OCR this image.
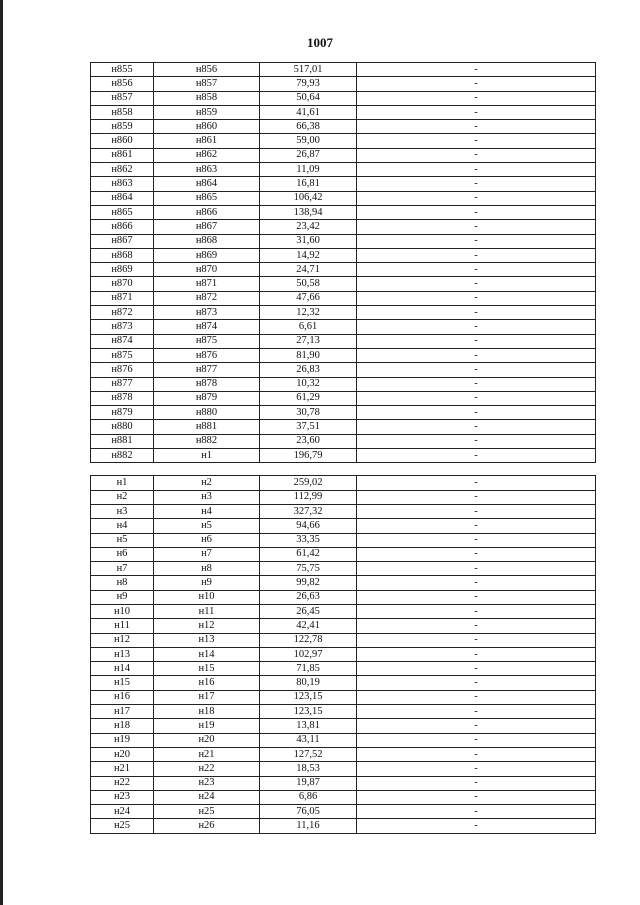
1007
н855	н856	517,01	-
н856	н857	79,93	-
н857	н858	50,64	-
н858	н859	41,61	-
н859	н860	66,38	-
н860	н861	59,00	-
н861	н862	26,87	-
н862	н863	11,09	-
н863	н864	16,81	-
н864	н865	106,42	-
н865	н866	138,94	-
н866	н867	23,42	-
н867	н868	31,60	-
н868	н869	14,92	-
н869	н870	24,71	-
н870	н871	50,58	-
н871	н872	47,66	-
н872	н873	12,32	-
н873	н874	6,61	-
н874	н875	27,13	-
н875	н876	81,90	-
н876	н877	26,83	-
н877	н878	10,32	-
н878	н879	61,29	-
н879	н880	30,78	-
н880	н881	37,51	-
н881	н882	23,60	-
н882	н1	196,79	-

н1	н2	259,02	-
н2	н3	112,99	-
н3	н4	327,32	-
н4	н5	94,66	-
н5	н6	33,35	-
н6	н7	61,42	-
н7	н8	75,75	-
н8	н9	99,82	-
н9	н10	26,63	-
н10	н11	26,45	-
н11	н12	42,41	-
н12	н13	122,78	-
н13	н14	102,97	-
н14	н15	71,85	-
н15	н16	80,19	-
н16	н17	123,15	-
н17	н18	123,15	-
н18	н19	13,81	-
н19	н20	43,11	-
н20	н21	127,52	-
н21	н22	18,53	-
н22	н23	19,87	-
н23	н24	6,86	-
н24	н25	76,05	-
н25	н26	11,16	-
